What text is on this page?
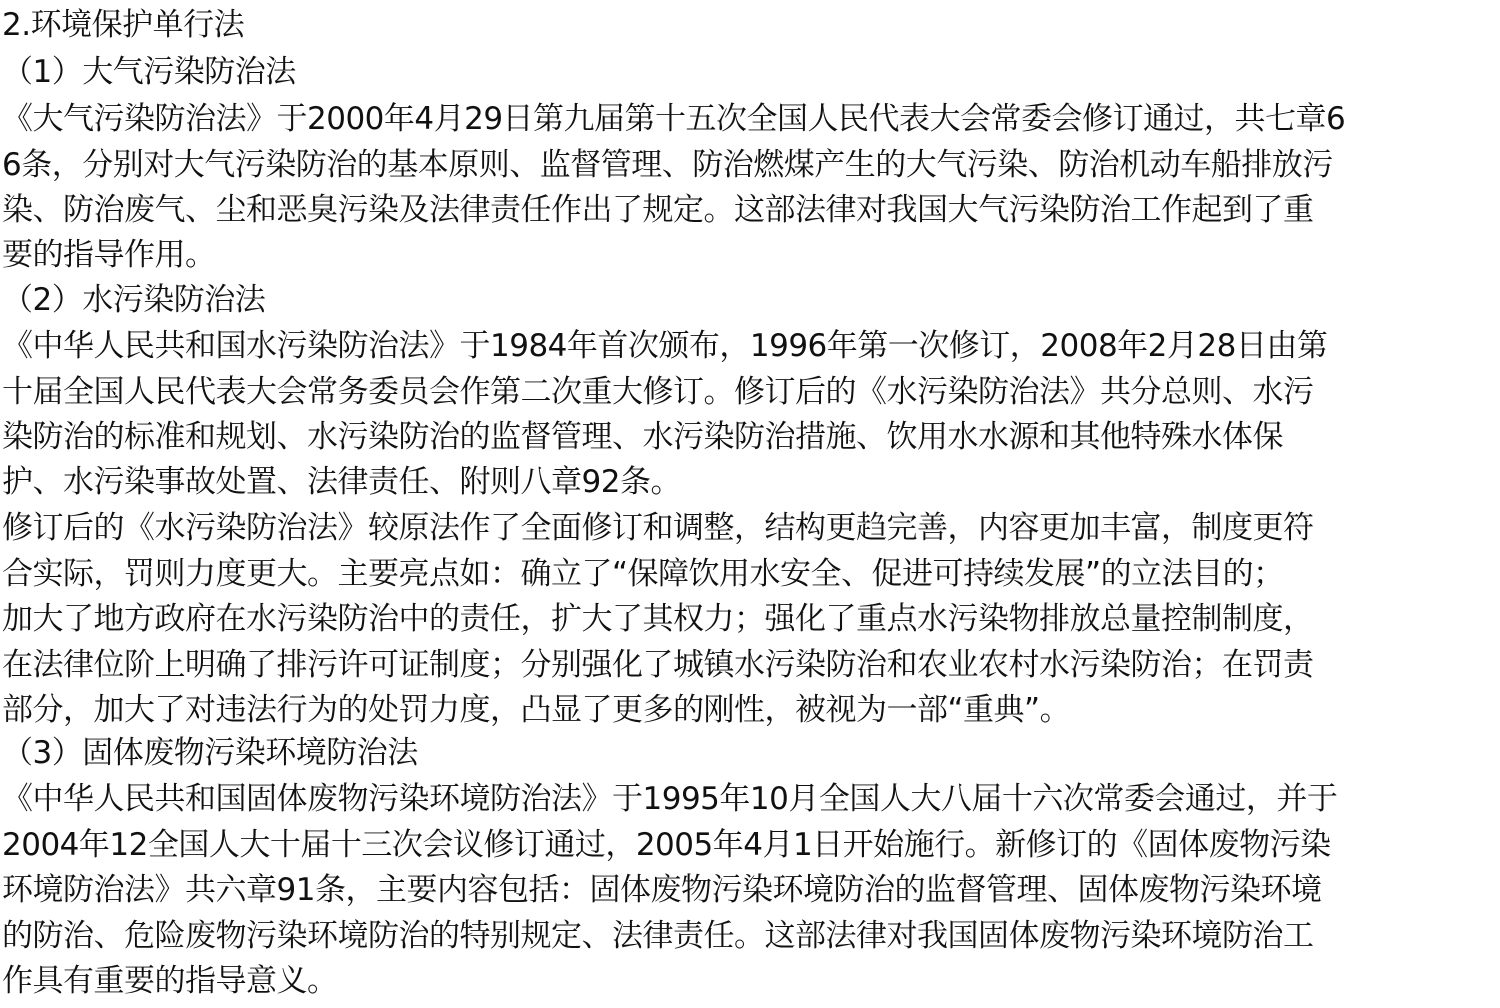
2.环境保护单行法
（1）大气污染防治法
《大气污染防治法》于2000年4月29日第九届第十五次全国人民代表大会常委会修订通过，共七章6
6条，分别对大气污染防治的基本原则、监督管理、防治燃煤产生的大气污染、防治机动车船排放污
染、防治废气、尘和恶臭污染及法律责任作出了规定。这部法律对我国大气污染防治工作起到了重
要的指导作用。
（2）水污染防治法
《中华人民共和国水污染防治法》于1984年首次颁布，1996年第一次修订，2008年2月28日由第
十届全国人民代表大会常务委员会作第二次重大修订。修订后的《水污染防治法》共分总则、水污
染防治的标准和规划、水污染防治的监督管理、水污染防治措施、饮用水水源和其他特殊水体保
护、水污染事故处置、法律责任、附则八章92条。
修订后的《水污染防治法》较原法作了全面修订和调整，结构更趋完善，内容更加丰富，制度更符
合实际，罚则力度更大。主要亮点如：确立了“保障饮用水安全、促进可持续发展”的立法目的；
加大了地方政府在水污染防治中的责任，扩大了其权力；强化了重点水污染物排放总量控制制度，
在法律位阶上明确了排污许可证制度；分别强化了城镇水污染防治和农业农村水污染防治；在罚责
部分，加大了对违法行为的处罚力度，凸显了更多的刚性，被视为一部“重典”。
（3）固体废物污染环境防治法
《中华人民共和国固体废物污染环境防治法》于1995年10月全国人大八届十六次常委会通过，并于
2004年12全国人大十届十三次会议修订通过，2005年4月1日开始施行。新修订的《固体废物污染
环境防治法》共六章91条，主要内容包括：固体废物污染环境防治的监督管理、固体废物污染环境
的防治、危险废物污染环境防治的特别规定、法律责任。这部法律对我国固体废物污染环境防治工
作具有重要的指导意义。
